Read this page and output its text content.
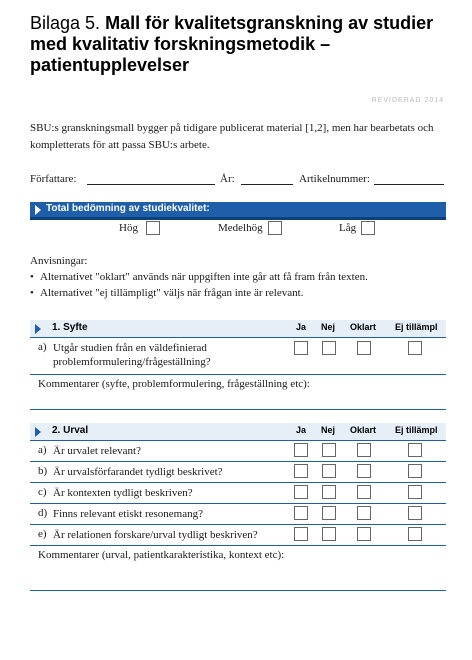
Bilaga 5. Mall för kvalitetsgranskning av studier med kvalitativ forskningsmetodik – patientupplevelser
REVIDERAD 2014
SBU:s granskningsmall bygger på tidigare publicerat material [1,2], men har bearbetats och kompletterats för att passa SBU:s arbete.
Författare:	År:	Artikelnummer:
Total bedömning av studiekvalitet:
Hög	Medelhög	Låg
Anvisningar:
• Alternativet "oklart" används när uppgiften inte går att få fram från texten.
• Alternativet "ej tillämpligt" väljs när frågan inte är relevant.
1. Syfte	Ja Nej Oklart Ej tillämpl
a) Utgår studien från en väldefinierad problemformulering/frågeställning?
Kommentarer (syfte, problemformulering, frågeställning etc):
2. Urval	Ja Nej Oklart Ej tillämpl
a) Är urvalet relevant?
b) Är urvalsförfarandet tydligt beskrivet?
c) Är kontexten tydligt beskriven?
d) Finns relevant etiskt resonemang?
e) Är relationen forskare/urval tydligt beskriven?
Kommentarer (urval, patientkarakteristika, kontext etc):
